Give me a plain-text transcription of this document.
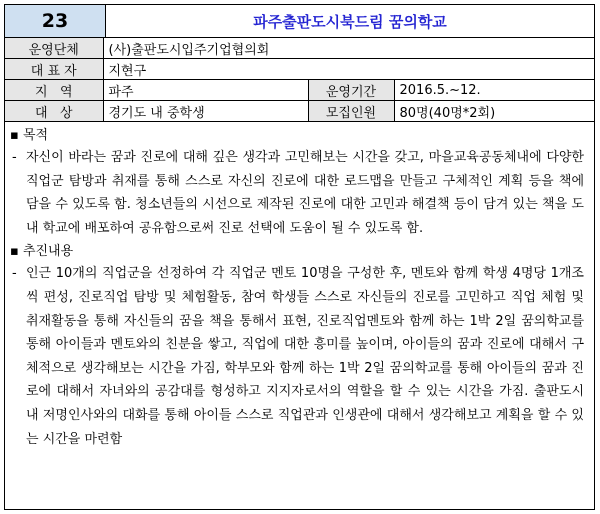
23	파주출판도시북드림 꿈의학교
운영단체	(사)출판도시입주기업협의회		
대 표 자	지현구		
지   역	파주	운영기간	2016.5.~12.
대   상	경기도 내 중학생	모집인원	80명(40명*2회)
▪ 목적
- 자신이 바라는 꿈과 진로에 대해 깊은 생각과 고민해보는 시간을 갖고, 마을교육공동체내에 다양한 직업군 탐방과 취재를 통해 스스로 자신의 진로에 대한 로드맵을 만들고 구체적인 계획 등을 책에 담을 수 있도록 함. 청소년들의 시선으로 제작된 진로에 대한 고민과 해결책 등이 담겨 있는 책을 도내 학교에 배포하여 공유함으로써 진로 선택에 도움이 될 수 있도록 함.
▪ 추진내용
- 인근 10개의 직업군을 선정하여 각 직업군 멘토 10명을 구성한 후, 멘토와 함께 학생 4명당 1개조씩 편성, 진로직업 탐방 및 체험활동, 참여 학생들 스스로 자신들의 진로를 고민하고 직업 체험 및 취재활동을 통해 자신들의 꿈을 책을 통해서 표현, 진로직업멘토와 함께 하는 1박 2일 꿈의학교를 통해 아이들과 멘토와의 친분을 쌓고, 직업에 대한 흥미를 높이며, 아이들의 꿈과 진로에 대해서 구체적으로 생각해보는 시간을 가짐, 학부모와 함께 하는 1박 2일 꿈의학교를 통해 아이들의 꿈과 진로에 대해서 자녀와의 공감대를 형성하고 지지자로서의 역할을 할 수 있는 시간을 가짐. 출판도시 내 저명인사와의 대화를 통해 아이들 스스로 직업관과 인생관에 대해서 생각해보고 계획을 할 수 있는 시간을 마련함
